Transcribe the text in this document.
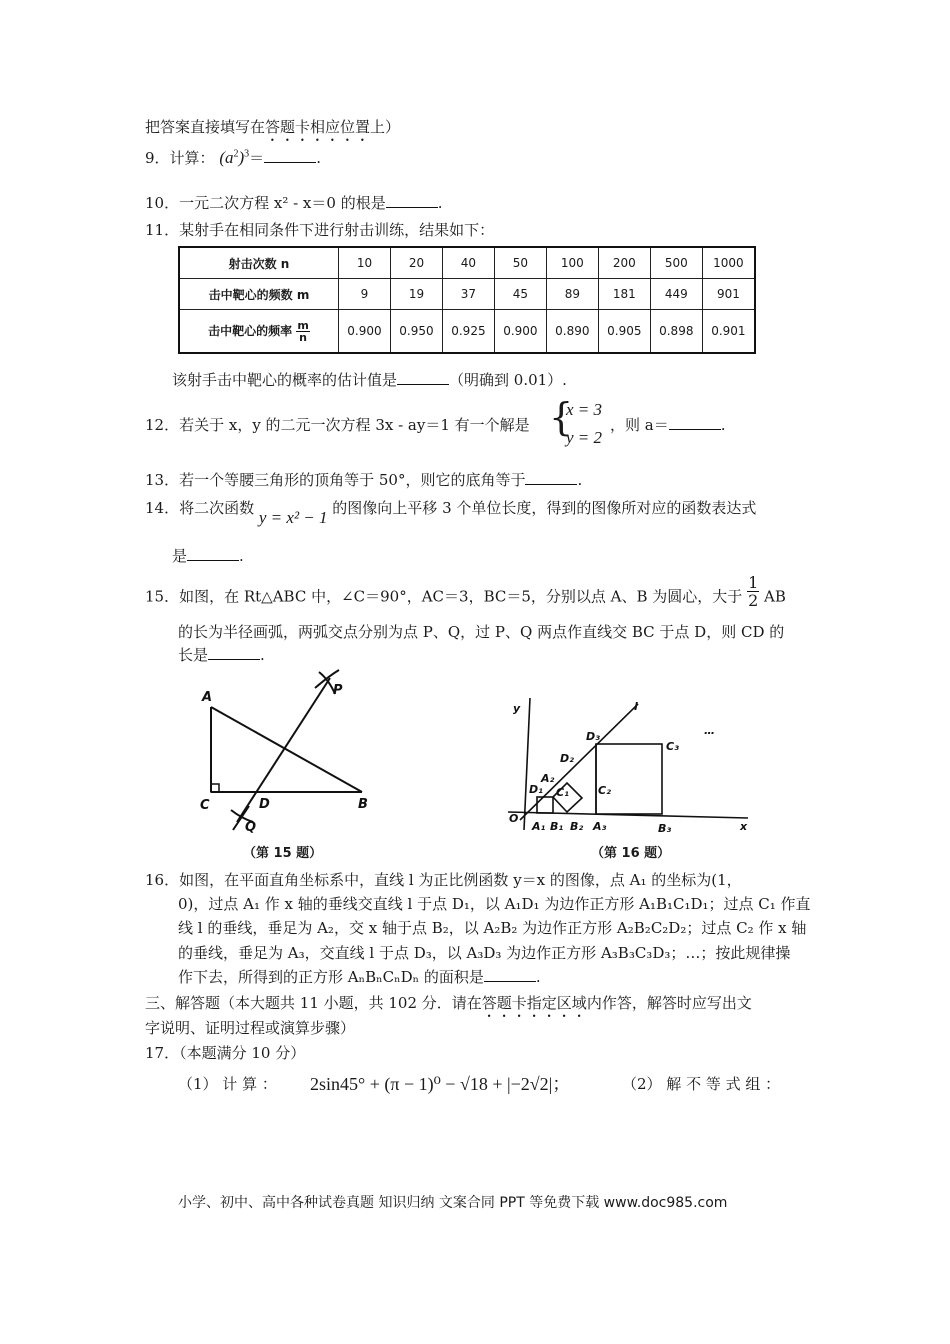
把答案直接填写在答题卡相应位置上）
9．计算： $(a^2)^3=$	.
10．一元二次方程 x² - x＝0 的根是	.
11．某射手在相同条件下进行射击训练，结果如下：
射击次数 n	10	20	40	50	100	200	500	1000
击中靶心的频数 m	9	19	37	45	89	181	449	901
击中靶心的频率 $\frac{m}{n}$	0.900	0.950	0.925	0.900	0.890	0.905	0.898	0.901
该射手击中靶心的概率的估计值是	（明确到 0.01）.
12．若关于 x，y 的二元一次方程 3x - ay＝1 有一个解是 {
x = 3
y = 2
，则 a＝	.
13．若一个等腰三角形的顶角等于 50°，则它的底角等于	.
14．将二次函数 y = x² − 1 的图像向上平移 3 个单位长度，得到的图像所对应的函数表达式
是	.
15．如图，在 Rt△ABC 中，∠C＝90°，AC＝3，BC＝5，分别以点 A、B 为圆心，大于 $\frac{1}{2}$ AB
的长为半径画弧，两弧交点分别为点 P、Q，过 P、Q 两点作直线交 BC 于点 D，则 CD 的
长是	.
A
C	D	B
P
Q
（第 15 题）
y
x
O
l
…
D₁
A₂
C₁
D₂
D₃
C₂
C₃
A₁ B₁ B₂ A₃	B₃
（第 16 题）
16．如图，在平面直角坐标系中，直线 l 为正比例函数 y＝x 的图像，点 A₁ 的坐标为(1，
0)，过点 A₁ 作 x 轴的垂线交直线 l 于点 D₁，以 A₁D₁ 为边作正方形 A₁B₁C₁D₁；过点 C₁ 作直
线 l 的垂线，垂足为 A₂，交 x 轴于点 B₂，以 A₂B₂ 为边作正方形 A₂B₂C₂D₂；过点 C₂ 作 x 轴
的垂线，垂足为 A₃，交直线 l 于点 D₃，以 A₃D₃ 为边作正方形 A₃B₃C₃D₃；…；按此规律操
作下去，所得到的正方形 AₙBₙCₙDₙ 的面积是	.
三、解答题（本大题共 11 小题，共 102 分．请在答题卡指定区域内作答，解答时应写出文
字说明、证明过程或演算步骤）
17．（本题满分 10 分）
（1） 计 算 ： 2sin45° + (π − 1)⁰ − √18 + |−2√2|；	（2） 解 不 等 式 组 ：
小学、初中、高中各种试卷真题 知识归纳 文案合同 PPT 等免费下载 www.doc985.com
